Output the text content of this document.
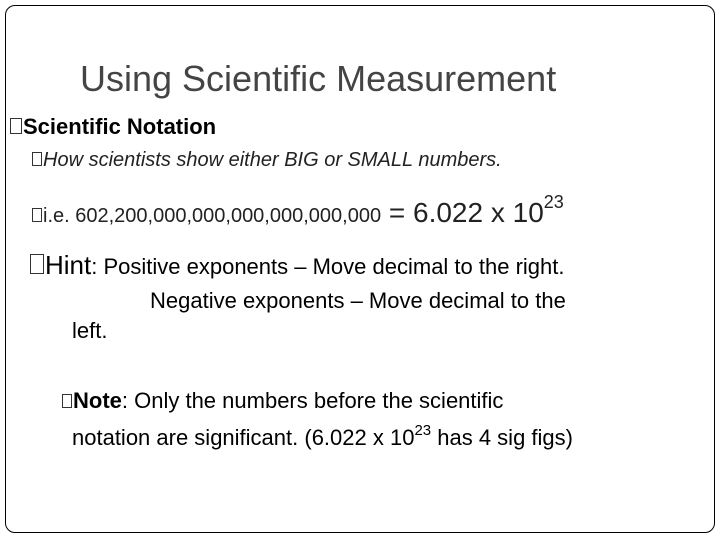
Using Scientific Measurement
Scientific Notation
How scientists show either BIG or SMALL numbers.
i.e. 602,200,000,000,000,000,000,000 = 6.022 x $10^{23}$
Hint: Positive exponents – Move decimal to the right.
Negative exponents – Move decimal to the
left.
Note: Only the numbers before the scientific
notation are significant. (6.022 x $10^{23}$ has 4 sig figs)
